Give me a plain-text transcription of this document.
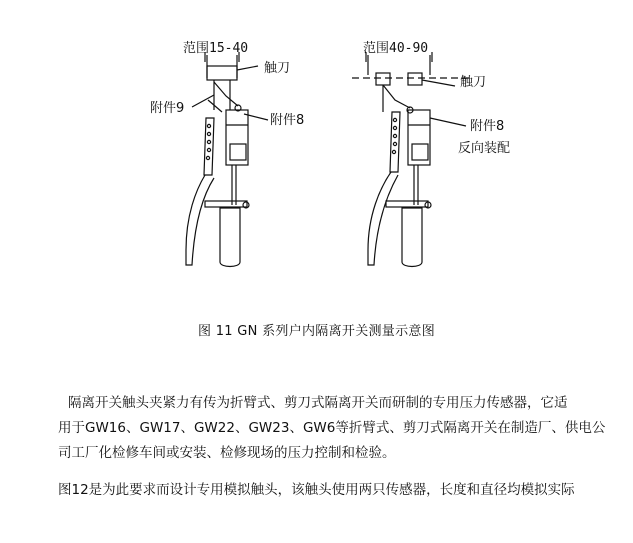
范围15-40
触刀
附件9
附件8
范围40-90
触刀
附件8
反向装配
图 11 GN 系列户内隔离开关测量示意图
隔离开关触头夹紧力有传为折臂式、剪刀式隔离开关而研制的专用压力传感器，它适
用于GW16、GW17、GW22、GW23、GW6等折臂式、剪刀式隔离开关在制造厂、供电公
司工厂化检修车间或安装、检修现场的压力控制和检验。
图12是为此要求而设计专用模拟触头，该触头使用两只传感器，长度和直径均模拟实际
